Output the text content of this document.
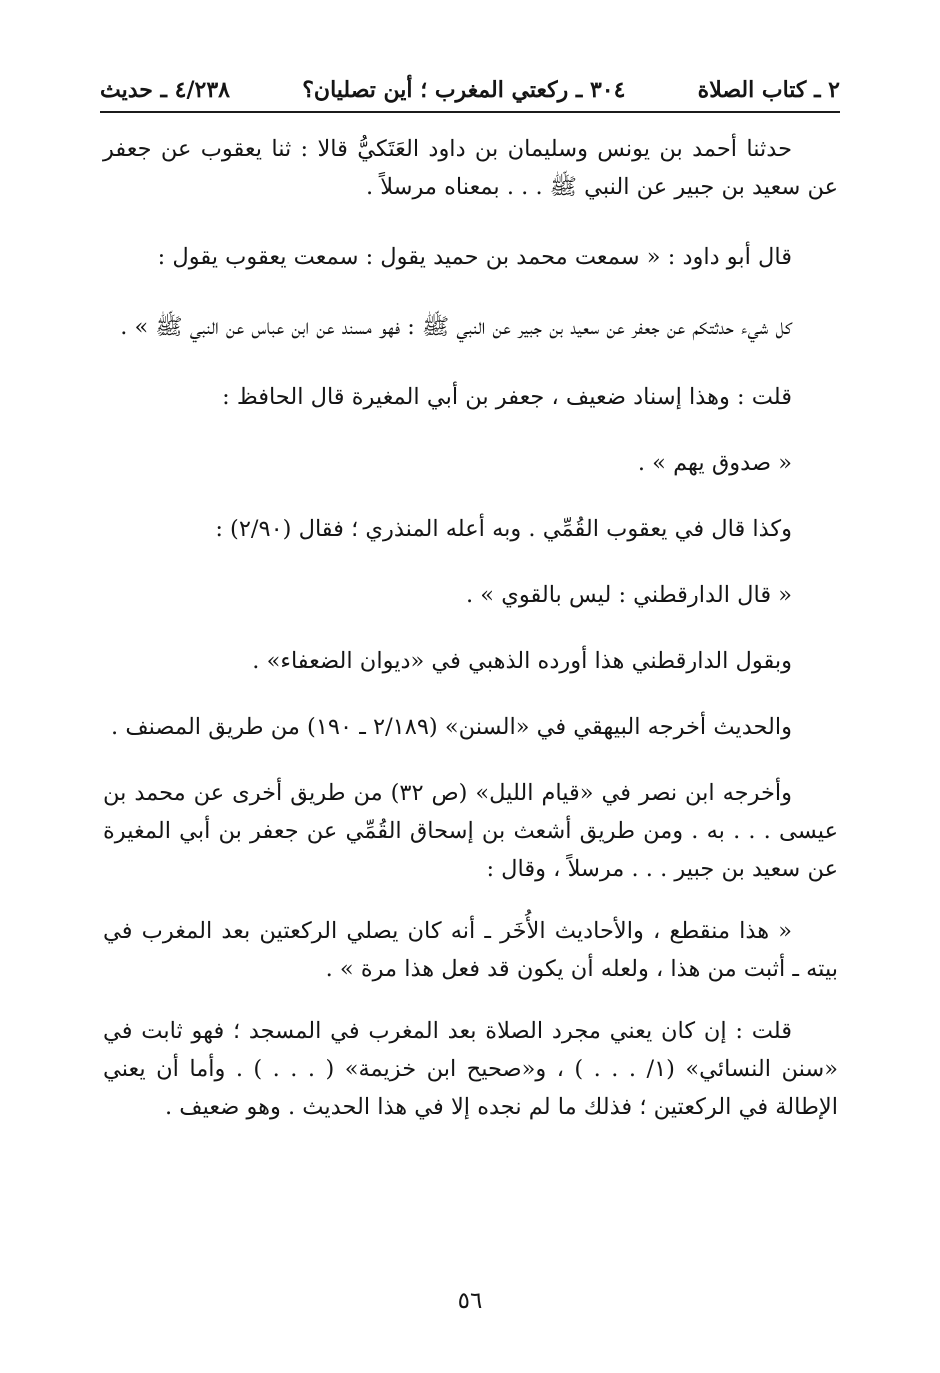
٢ ـ كتاب الصلاة
٣٠٤ ـ ركعتي المغرب ؛ أين تصليان؟
٤/٢٣٨ ـ حديث

حدثنا أحمد بن يونس وسليمان بن داود العَتَكيُّ قالا : ثنا يعقوب عن جعفر عن سعيد بن جبير عن النبي ﷺ . . . بمعناه مرسلاً .

قال أبو داود : « سمعت محمد بن حميد يقول : سمعت يعقوب يقول :

كل شيء حدثتكم عن جعفر عن سعيد بن جبير عن النبي ﷺ : فهو مسند عن ابن عباس عن النبي ﷺ » .

قلت : وهذا إسناد ضعيف ، جعفر بن أبي المغيرة قال الحافظ :

« صدوق يهم » .

وكذا قال في يعقوب القُمِّي . وبه أعله المنذري ؛ فقال (٢/٩٠) :

« قال الدارقطني : ليس بالقوي » .

وبقول الدارقطني هذا أورده الذهبي في «ديوان الضعفاء» .

والحديث أخرجه البيهقي في «السنن» (٢/١٨٩ ـ ١٩٠) من طريق المصنف .

وأخرجه ابن نصر في «قيام الليل» (ص ٣٢) من طريق أخرى عن محمد بن عيسى . . . به . ومن طريق أشعث بن إسحاق القُمِّي عن جعفر بن أبي المغيرة عن سعيد بن جبير . . . مرسلاً ، وقال :

« هذا منقطع ، والأحاديث الأُخَر ـ أنه كان يصلي الركعتين بعد المغرب في بيته ـ أثبت من هذا ، ولعله أن يكون قد فعل هذا مرة » .

قلت : إن كان يعني مجرد الصلاة بعد المغرب في المسجد ؛ فهو ثابت في «سنن النسائي» (١/ . . . ) ، و«صحيح ابن خزيمة» ( . . . ) . وأما أن يعني الإطالة في الركعتين ؛ فذلك ما لم نجده إلا في هذا الحديث . وهو ضعيف .

٥٦
